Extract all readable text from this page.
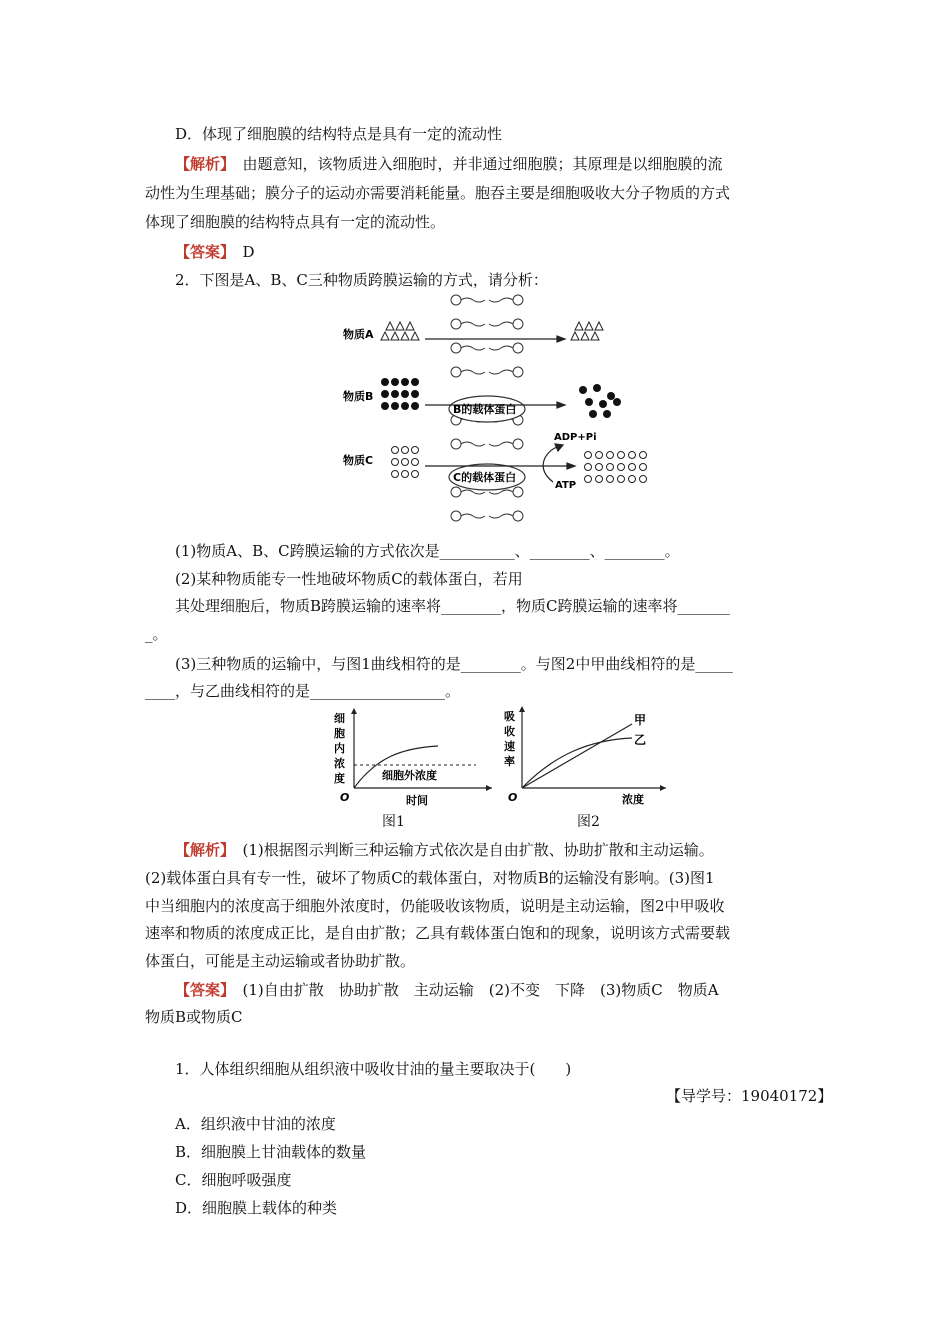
D．体现了细胞膜的结构特点是具有一定的流动性
【解析】　 由题意知，该物质进入细胞时，并非通过细胞膜；其原理是以细胞膜的流
动性为生理基础；膜分子的运动亦需要消耗能量。胞吞主要是细胞吸收大分子物质的方式
体现了细胞膜的结构特点具有一定的流动性。
【答案】　 D
2．下图是A、B、C三种物质跨膜运输的方式，请分析：
物质A
物质B
物质C
B的载体蛋白
C的载体蛋白
ADP+Pi
ATP
(1)物质A、B、C跨膜运输的方式依次是__________、________、________。
(2)某种物质能专一性地破坏物质C的载体蛋白，若用
其处理细胞后，物质B跨膜运输的速率将________，物质C跨膜运输的速率将_______
_。
(3)三种物质的运输中，与图1曲线相符的是________。与图2中甲曲线相符的是_____
____，与乙曲线相符的是__________________。
细
胞
内
浓
度	细胞外浓度
O	时间
图1
吸
收
速
率
甲
乙
O	浓度
图2
【解析】　 (1)根据图示判断三种运输方式依次是自由扩散、协助扩散和主动运输。
(2)载体蛋白具有专一性，破坏了物质C的载体蛋白，对物质B的运输没有影响。(3)图1
中当细胞内的浓度高于细胞外浓度时，仍能吸收该物质，说明是主动运输，图2中甲吸收
速率和物质的浓度成正比，是自由扩散；乙具有载体蛋白饱和的现象，说明该方式需要载
体蛋白，可能是主动运输或者协助扩散。
【答案】　 (1)自由扩散　协助扩散　主动运输　(2)不变　下降　(3)物质C　物质A
物质B或物质C
1．人体组织细胞从组织液中吸收甘油的量主要取决于(　　)
【导学号：19040172】
A．组织液中甘油的浓度
B．细胞膜上甘油载体的数量
C．细胞呼吸强度
D．细胞膜上载体的种类
